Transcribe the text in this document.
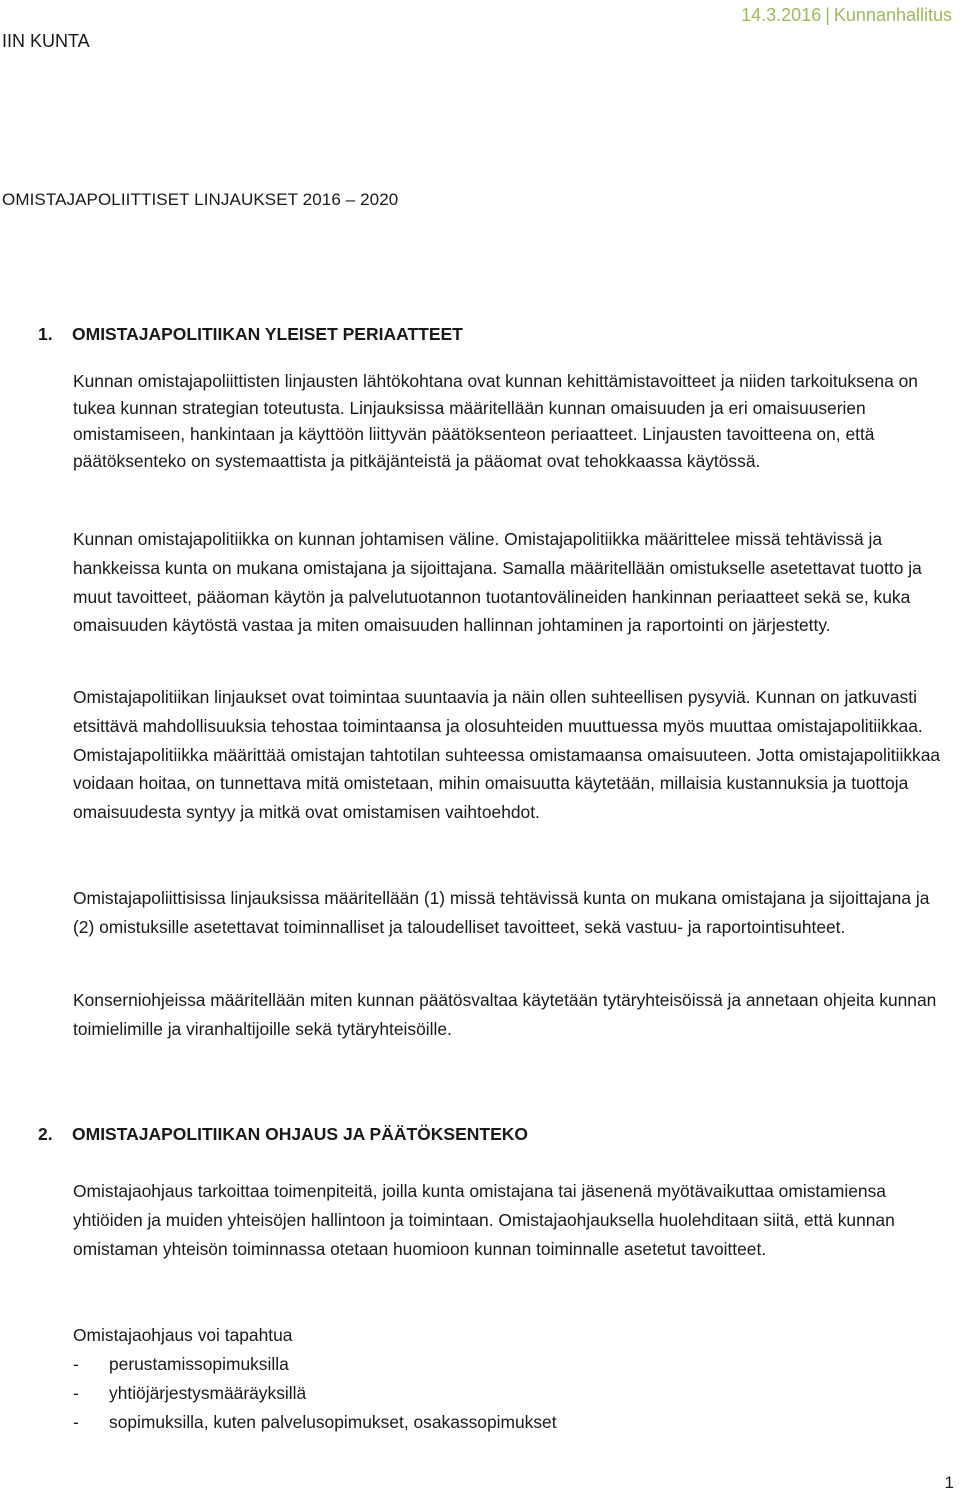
IIN KUNTA
14.3.2016 | Kunnanhallitus
OMISTAJAPOLIITTISET LINJAUKSET 2016 – 2020
1. OMISTAJAPOLITIIKAN YLEISET PERIAATTEET

Kunnan omistajapoliittisten linjausten lähtökohtana ovat kunnan kehittämistavoitteet ja niiden tarkoituksena on tukea kunnan strategian toteutusta. Linjauksissa määritellään kunnan omaisuuden ja eri omaisuuserien omistamiseen, hankintaan ja käyttöön liittyvän päätöksenteon periaatteet. Linjausten tavoitteena on, että päätöksenteko on systemaattista ja pitkäjänteistä ja pääomat ovat tehokkaassa käytössä.

Kunnan omistajapolitiikka on kunnan johtamisen väline. Omistajapolitiikka määrittelee missä tehtävissä ja hankkeissa kunta on mukana omistajana ja sijoittajana. Samalla määritellään omistukselle asetettavat tuotto ja muut tavoitteet, pääoman käytön ja palvelutuotannon tuotantovälineiden hankinnan periaatteet sekä se, kuka omaisuuden käytöstä vastaa ja miten omaisuuden hallinnan johtaminen ja raportointi on järjestetty.

Omistajapolitiikan linjaukset ovat toimintaa suuntaavia ja näin ollen suhteellisen pysyviä. Kunnan on jatkuvasti etsittävä mahdollisuuksia tehostaa toimintaansa ja olosuhteiden muuttuessa myös muuttaa omistajapolitiikkaa. Omistajapolitiikka määrittää omistajan tahtotilan suhteessa omistamaansa omaisuuteen. Jotta omistajapolitiikkaa voidaan hoitaa, on tunnettava mitä omistetaan, mihin omaisuutta käytetään, millaisia kustannuksia ja tuottoja omaisuudesta syntyy ja mitkä ovat omistamisen vaihtoehdot.

Omistajapoliittisissa linjauksissa määritellään (1) missä tehtävissä kunta on mukana omistajana ja sijoittajana ja (2) omistuksille asetettavat toiminnalliset ja taloudelliset tavoitteet, sekä vastuu- ja raportointisuhteet.

Konserniohjeissa määritellään miten kunnan päätösvaltaa käytetään tytäryhteisöissä ja annetaan ohjeita kunnan toimielimille ja viranhaltijoille sekä tytäryhteisöille.

2. OMISTAJAPOLITIIKAN OHJAUS JA PÄÄTÖKSENTEKO

Omistajaohjaus tarkoittaa toimenpiteitä, joilla kunta omistajana tai jäsenenä myötävaikuttaa omistamiensa yhtiöiden ja muiden yhteisöjen hallintoon ja toimintaan. Omistajaohjauksella huolehditaan siitä, että kunnan omistaman yhteisön toiminnassa otetaan huomioon kunnan toiminnalle asetetut tavoitteet.

Omistajaohjaus voi tapahtua

- perustamissopimuksilla
- yhtiöjärjestysmääräyksillä
- sopimuksilla, kuten palvelusopimukset, osakassopimukset
1
